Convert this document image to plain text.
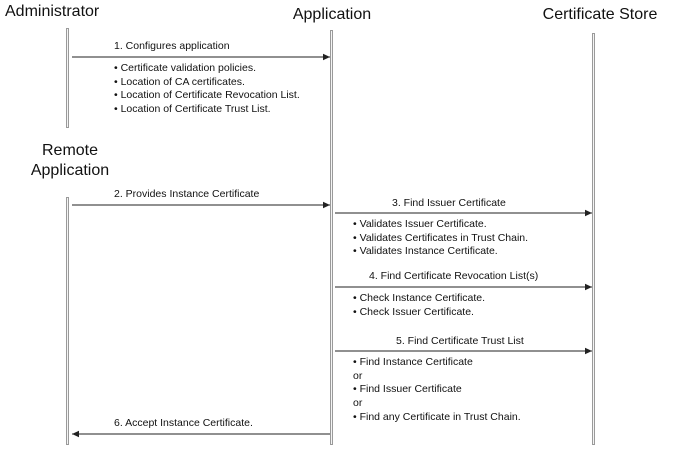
Administrator	Application	Certificate Store
Remote
Application
1. Configures application
2. Provides Instance Certificate
3. Find Issuer Certificate
4. Find Certificate Revocation List(s)
5. Find Certificate Trust List
6. Accept Instance Certificate.
• Certificate validation policies.
• Location of CA certificates.
• Location of Certificate Revocation List.
• Location of Certificate Trust List.
• Validates Issuer Certificate.
• Validates Certificates in Trust Chain.
• Validates Instance Certificate.
• Check Instance Certificate.
• Check Issuer Certificate.
• Find Instance Certificate
or
• Find Issuer Certificate
or
• Find any Certificate in Trust Chain.
